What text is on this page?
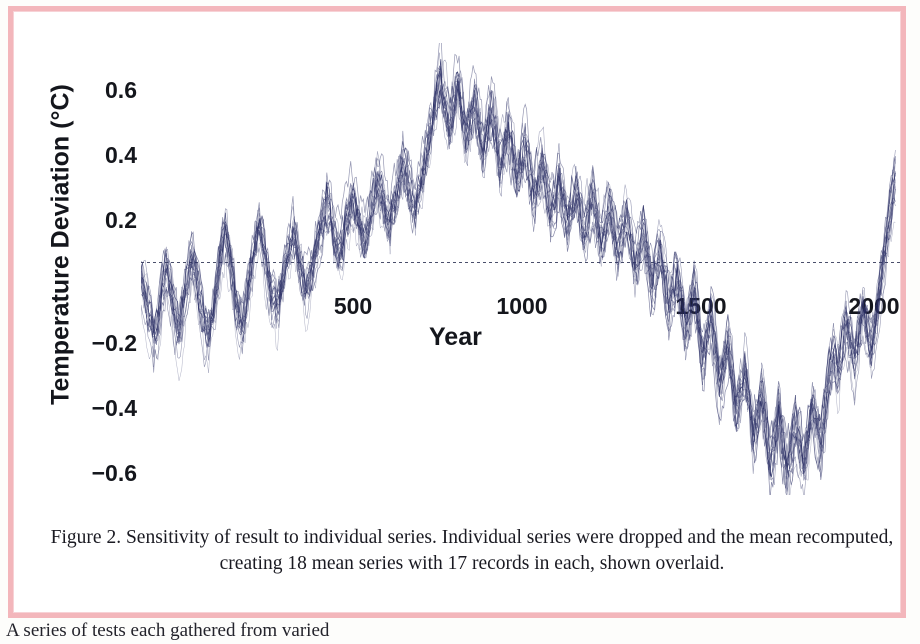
Temperature Deviation (°C)	0.6
0.4
0.2
−0.2
−0.4
−0.6
500	1000	1500	2000
Year
Figure 2. Sensitivity of result to individual series. Individual series were dropped and the mean recomputed, creating 18 mean series with 17 records in each, shown overlaid.
A series of tests each gathered from varied
